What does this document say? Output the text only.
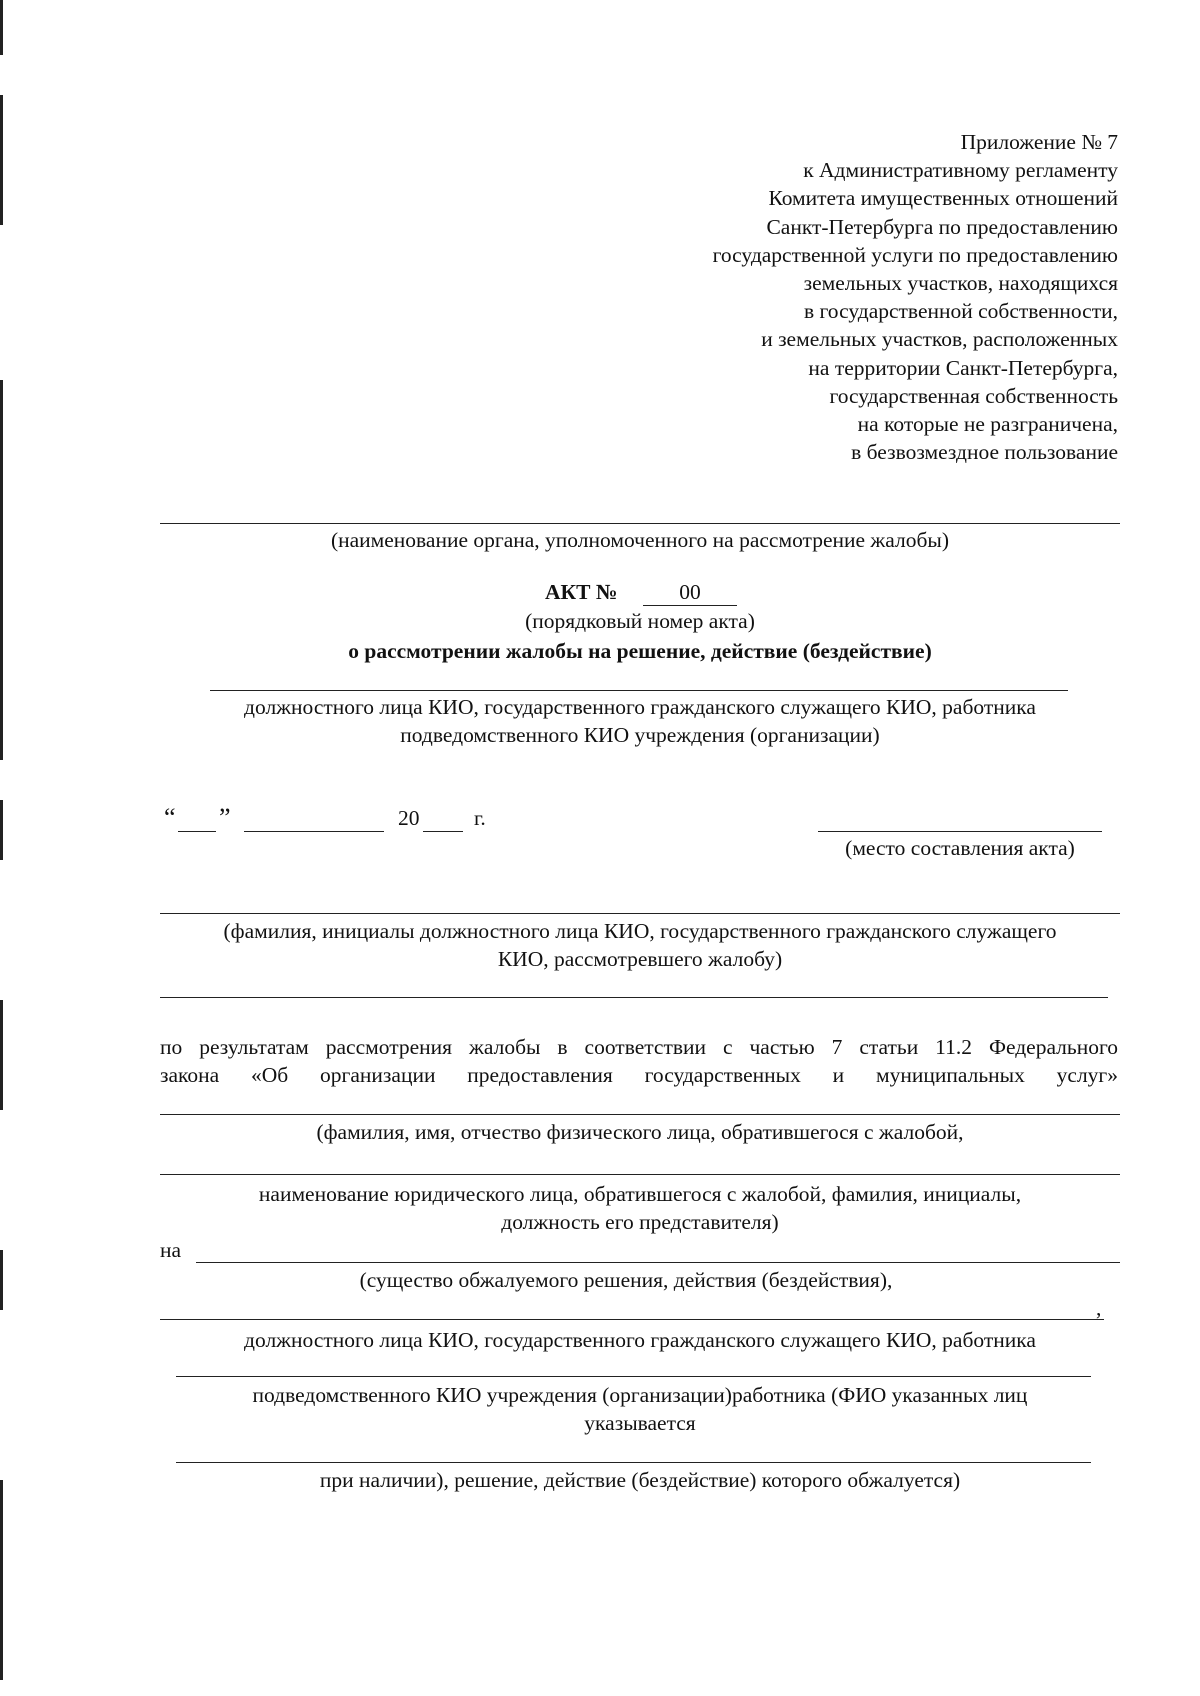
Приложение № 7
к Административному регламенту
Комитета имущественных отношений
Санкт-Петербурга по предоставлению
государственной услуги по предоставлению
земельных участков, находящихся
в государственной собственности,
и земельных участков, расположенных
на территории Санкт-Петербурга,
государственная собственность
на которые не разграничена,
в безвозмездное пользование
(наименование органа, уполномоченного на рассмотрение жалобы)
АКТ №	00
(порядковый номер акта)
о рассмотрении жалобы на решение, действие (бездействие)
должностного лица КИО, государственного гражданского служащего КИО, работника
подведомственного КИО учреждения (организации)
“ ”	20	г.
(место составления акта)
(фамилия, инициалы должностного лица КИО, государственного гражданского служащего
КИО, рассмотревшего жалобу)
по результатам рассмотрения жалобы в соответствии с частью 7 статьи 11.2 Федерального
закона «Об организации предоставления государственных и муниципальных услуг»
(фамилия, имя, отчество физического лица, обратившегося с жалобой,
наименование юридического лица, обратившегося с жалобой, фамилия, инициалы,
должность его представителя)
на
(существо обжалуемого решения, действия (бездействия),
,
должностного лица КИО, государственного гражданского служащего КИО, работника
подведомственного КИО учреждения (организации)работника (ФИО указанных лиц
указывается
при наличии), решение, действие (бездействие) которого обжалуется)
